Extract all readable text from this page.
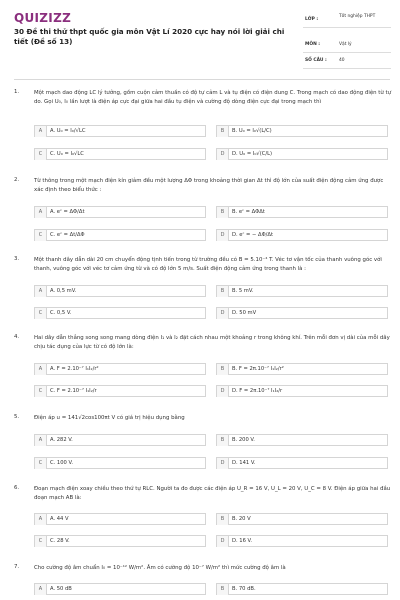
QUIZIZZ
30 Đề thi thử thpt quốc gia môn Vật Lí 2020 cực hay nói lời giải chi tiết (Đề số 13)
LỚP :
Tốt nghiệp THPT
MÔN :	Vật lý
SỐ CÂU :	40
1.	Một mạch dao động LC lý tưởng, gồm cuộn cảm thuần có độ tự cảm L và tụ điện có điện dung C. Trong mạch có dao động điện từ tự do. Gọi U₀, I₀ lần lượt là điện áp cực đại giữa hai đầu tụ điện và cường độ dòng điện cực đại trong mạch thì
A	A. U₀ = I₀/√LC	B	B. U₀ = I₀√(L/C)
C	C. U₀ = I₀√LC	D	D. U₀ = I₀√(C/L)
2.	Từ thông trong một mạch điện kín giảm đều một lượng ΔΦ trong khoảng thời gian Δt thì độ lớn của suất điện động cảm ứng được xác định theo biểu thức :
A	A. eᶜ = ΔΦ/Δt	B	B. eᶜ = ΔΦΔt
C	C. eᶜ = Δt/ΔΦ	D	D. eᶜ = − ΔΦ/Δt
3.	Một thanh dây dẫn dài 20 cm chuyển động tịnh tiến trong từ trường đều có B = 5.10⁻⁴ T. Véc tơ vận tốc của thanh vuông góc với thanh, vuông góc với véc tơ cảm ứng từ và có độ lớn 5 m/s. Suất điện động cảm ứng trong thanh là :
A	A. 0,5 mV.	B	B. 5 mV.
C	C. 0,5 V.	D	D. 50 mV
4.	Hai dây dẫn thẳng song song mang dòng điện I₁ và I₂ đặt cách nhau một khoảng r trong không khí. Trên mỗi đơn vị dài của mỗi dây chịu tác dụng của lực từ có độ lớn là:
A	A. F = 2.10⁻⁷ I₁I₂/r²	B	B. F = 2π.10⁻⁷ I₁I₂/r²
C	C. F = 2.10⁻⁷ I₁I₂/r	D	D. F = 2π.10⁻⁷ I₁I₂/r
5.	Điện áp u = 141√2cos100πt V có giá trị hiệu dụng bằng
A	A. 282 V.	B	B. 200 V.
C	C. 100 V.	D	D. 141 V.
6.	Đoạn mạch điện xoay chiều theo thứ tự RLC. Người ta đo được các điện áp U_R = 16 V, U_L = 20 V, U_C = 8 V. Điện áp giữa hai đầu đoạn mạch AB là:
A	A. 44 V	B	B. 20 V
C	C. 28 V.	D	D. 16 V.
7.	Cho cường độ âm chuẩn I₀ = 10⁻¹² W/m². Âm có cường độ 10⁻⁷ W/m² thì mức cường độ âm là
A	A. 50 dB	B	B. 70 dB.
